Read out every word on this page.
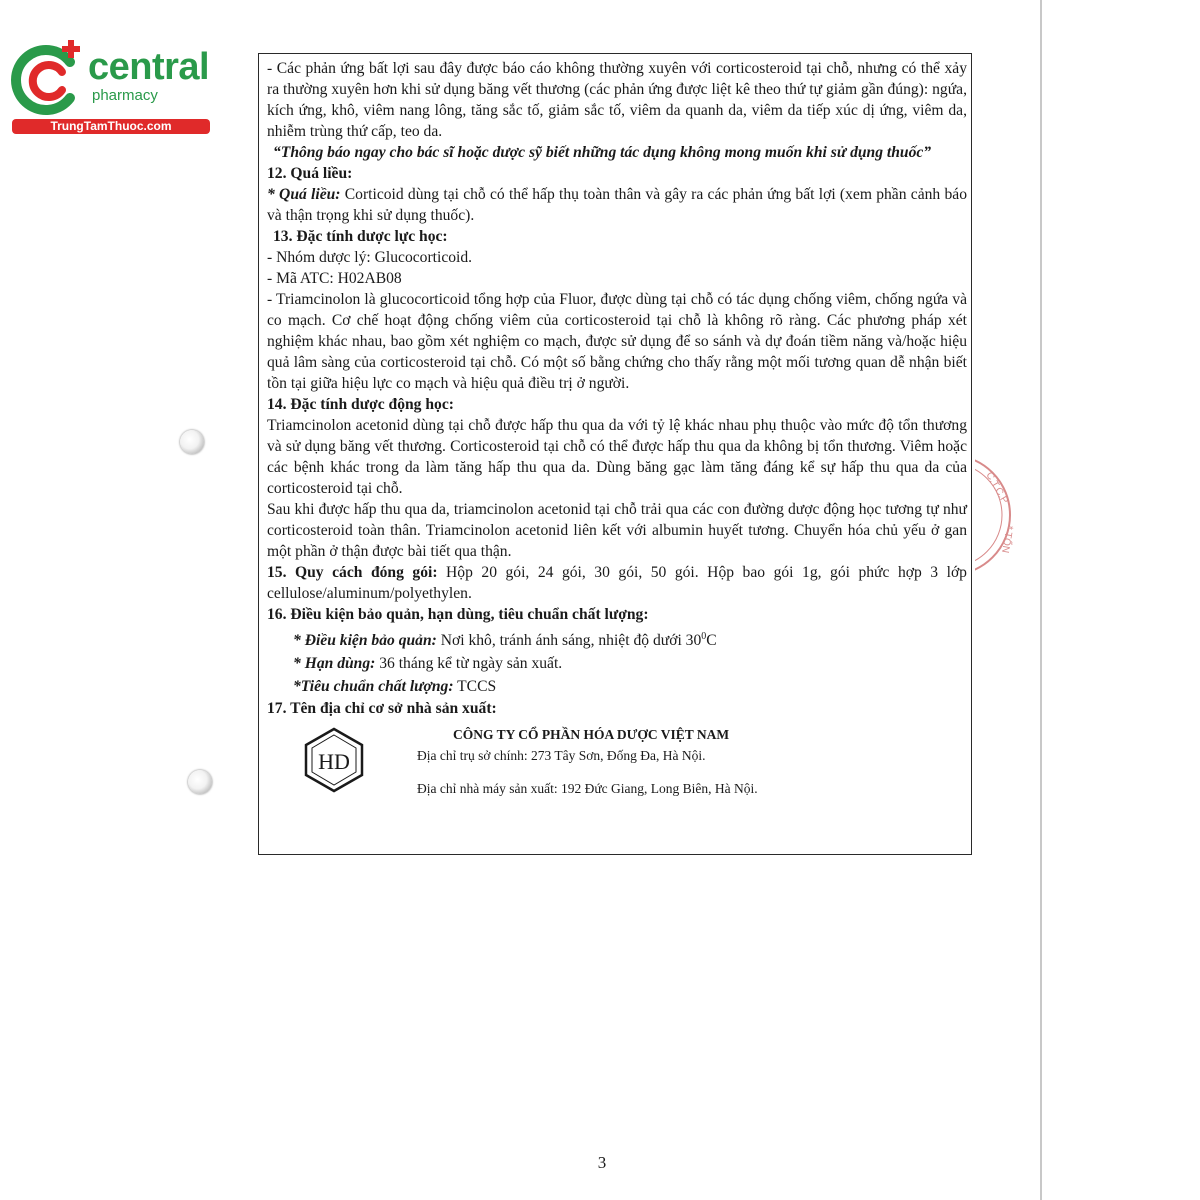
central
pharmacy
TrungTamThuoc.com
C.T.C.P
* TỔN

- Các phản ứng bất lợi sau đây được báo cáo không thường xuyên với corticosteroid tại chỗ, nhưng có thể xảy ra thường xuyên hơn khi sử dụng băng vết thương (các phản ứng được liệt kê theo thứ tự giảm gần đúng): ngứa, kích ứng, khô, viêm nang lông, tăng sắc tố, giảm sắc tố, viêm da quanh da, viêm da tiếp xúc dị ứng, viêm da, nhiễm trùng thứ cấp, teo da.

“Thông báo ngay cho bác sĩ hoặc dược sỹ biết những tác dụng không mong muốn khi sử dụng thuốc”

12. Quá liều:

* Quá liều: Corticoid dùng tại chỗ có thể hấp thụ toàn thân và gây ra các phản ứng bất lợi (xem phần cảnh báo và thận trọng khi sử dụng thuốc).

13. Đặc tính dược lực học:

- Nhóm dược lý: Glucocorticoid.

- Mã ATC: H02AB08

- Triamcinolon là glucocorticoid tổng hợp của Fluor, được dùng tại chỗ có tác dụng chống viêm, chống ngứa và co mạch. Cơ chế hoạt động chống viêm của corticosteroid tại chỗ là không rõ ràng. Các phương pháp xét nghiệm khác nhau, bao gồm xét nghiệm co mạch, được sử dụng để so sánh và dự đoán tiềm năng và/hoặc hiệu quả lâm sàng của corticosteroid tại chỗ. Có một số bằng chứng cho thấy rằng một mối tương quan dễ nhận biết tồn tại giữa hiệu lực co mạch và hiệu quả điều trị ở người.

14. Đặc tính dược động học:

Triamcinolon acetonid dùng tại chỗ được hấp thu qua da với tỷ lệ khác nhau phụ thuộc vào mức độ tổn thương và sử dụng băng vết thương. Corticosteroid tại chỗ có thể được hấp thu qua da không bị tổn thương. Viêm hoặc các bệnh khác trong da làm tăng hấp thu qua da. Dùng băng gạc làm tăng đáng kể sự hấp thu qua da của corticosteroid tại chỗ.

Sau khi được hấp thu qua da, triamcinolon acetonid tại chỗ trải qua các con đường dược động học tương tự như corticosteroid toàn thân. Triamcinolon acetonid liên kết với albumin huyết tương. Chuyển hóa chủ yếu ở gan một phần ở thận được bài tiết qua thận.

15. Quy cách đóng gói: Hộp 20 gói, 24 gói, 30 gói, 50 gói. Hộp bao gói 1g, gói phức hợp 3 lớp cellulose/aluminum/polyethylen.

16. Điều kiện bảo quản, hạn dùng, tiêu chuẩn chất lượng:

* Điều kiện bảo quản: Nơi khô, tránh ánh sáng, nhiệt độ dưới $30^0C$

* Hạn dùng: 36 tháng kể từ ngày sản xuất.

*Tiêu chuẩn chất lượng: TCCS

17. Tên địa chỉ cơ sở nhà sản xuất:

HD
CÔNG TY CỔ PHẦN HÓA DƯỢC VIỆT NAM
Địa chỉ trụ sở chính: 273 Tây Sơn, Đống Đa, Hà Nội.
Địa chỉ nhà máy sản xuất: 192 Đức Giang, Long Biên, Hà Nội.
3
